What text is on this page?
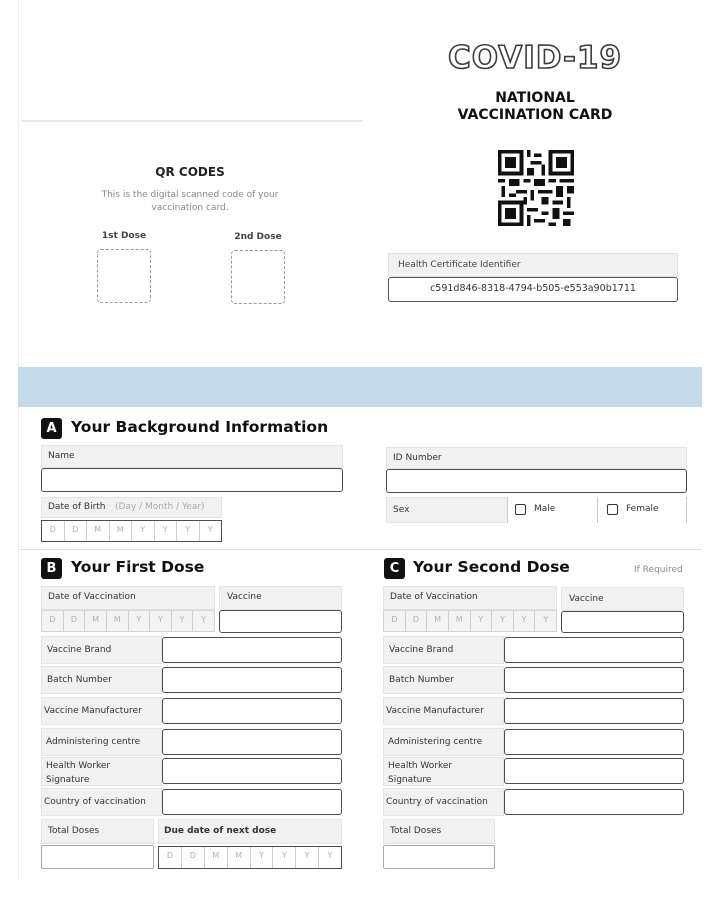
COVID-19
NATIONAL
VACCINATION CARD
QR CODES
This is the digital scanned code of your vaccination card.
1st Dose	2nd Dose
Health Certificate Identifier
c591d846-8318-4794-b505-e553a90b1711
A Your Background Information
Name	ID Number
Date of Birth (Day / Month / Year)
D	D	M	M	Y	Y	Y	Y
Sex	Male	Female
B Your First Dose
Date of Vaccination
D	D	M	M	Y	Y	Y	Y
Vaccine
Vaccine Brand
Batch Number
Vaccine Manufacturer
Administering centre
Health Worker
Signature
Country of vaccination
Total Doses	Due date of next dose
D	D	M	M	Y	Y	Y	Y
C Your Second Dose	If Required
Date of Vaccination
D	D	M	M	Y	Y	Y	Y
Vaccine
Vaccine Brand
Batch Number
Vaccine Manufacturer
Administering centre
Health Worker
Signature
Country of vaccination
Total Doses
